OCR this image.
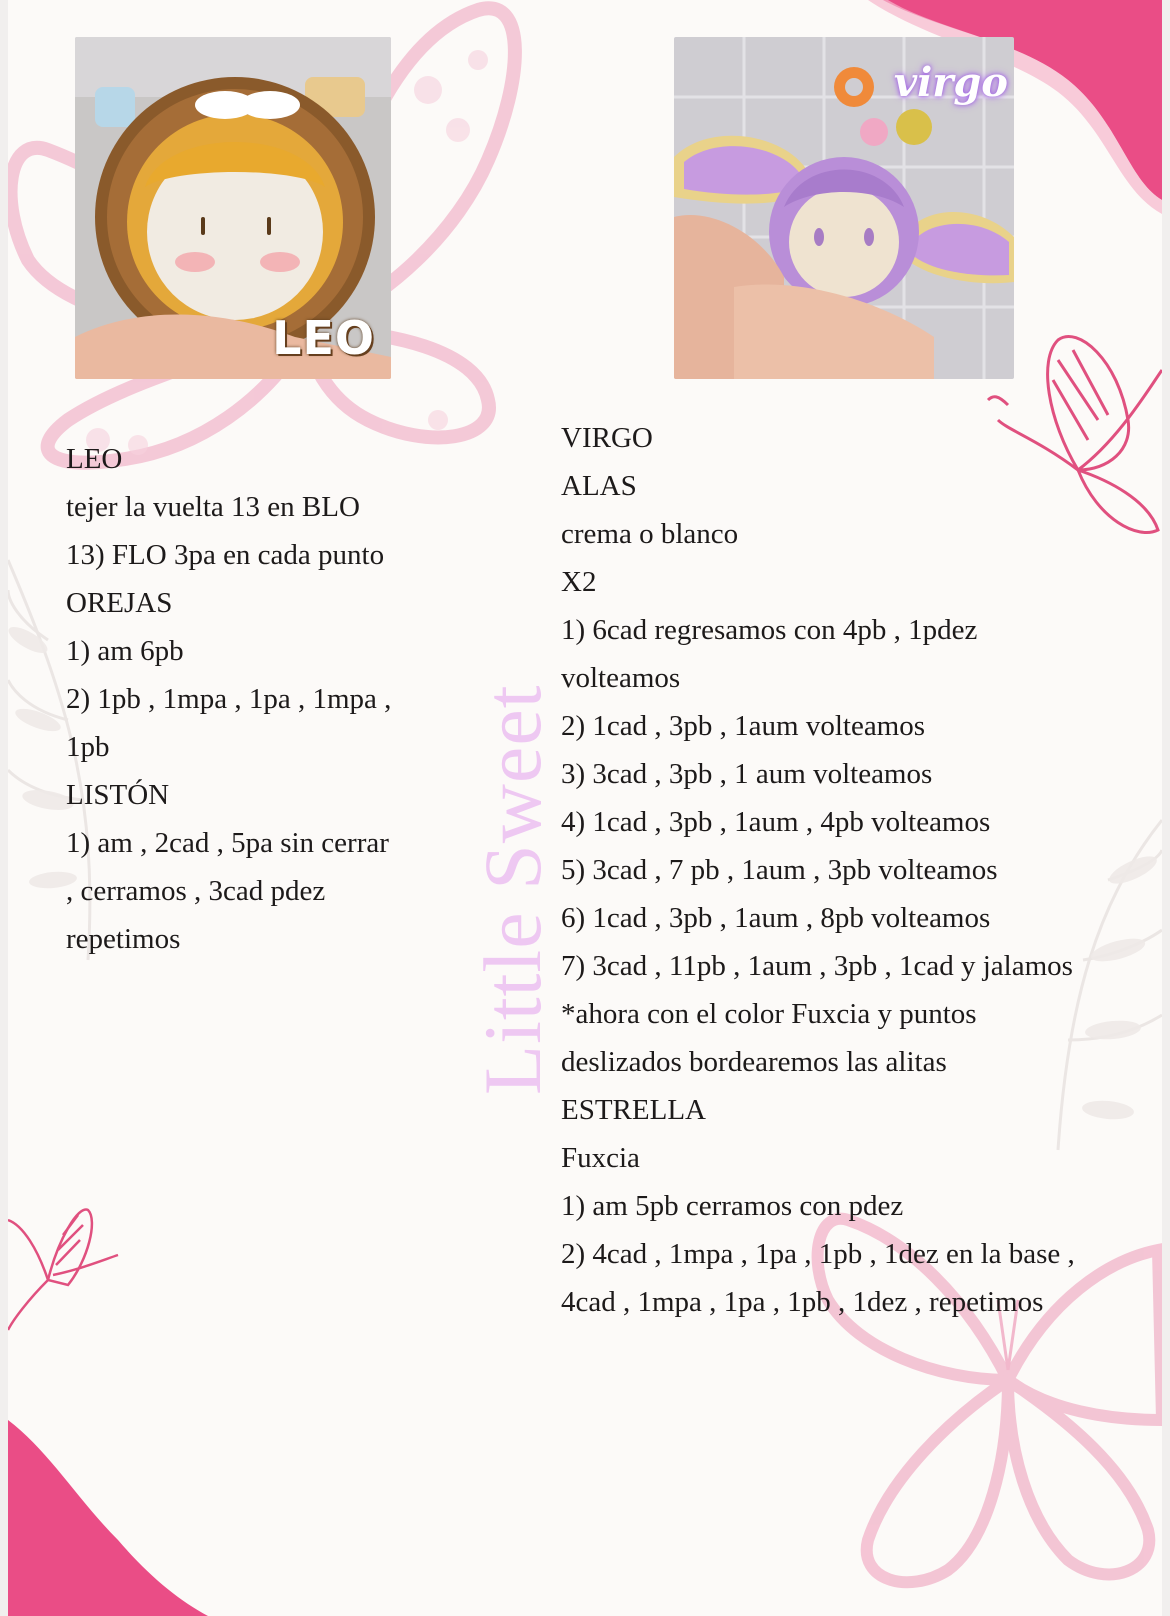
LEO
virgo
Little Sweet
LEO
tejer la vuelta 13 en BLO
13) FLO 3pa en cada punto
OREJAS
1) am 6pb
2) 1pb , 1mpa , 1pa , 1mpa ,
1pb
LISTÓN
1) am , 2cad , 5pa sin cerrar
, cerramos , 3cad pdez
repetimos
VIRGO
ALAS
crema o blanco
X2
1) 6cad regresamos con 4pb , 1pdez
volteamos
2) 1cad , 3pb , 1aum volteamos
3) 3cad , 3pb , 1 aum volteamos
4) 1cad , 3pb , 1aum , 4pb volteamos
5) 3cad , 7 pb , 1aum , 3pb volteamos
6) 1cad , 3pb , 1aum , 8pb volteamos
7) 3cad , 11pb , 1aum , 3pb , 1cad y jalamos
*ahora con el color Fuxcia y puntos
deslizados bordearemos las alitas
ESTRELLA
Fuxcia
1) am 5pb cerramos con pdez
2) 4cad , 1mpa , 1pa , 1pb , 1dez en la base ,
4cad , 1mpa , 1pa , 1pb , 1dez , repetimos
